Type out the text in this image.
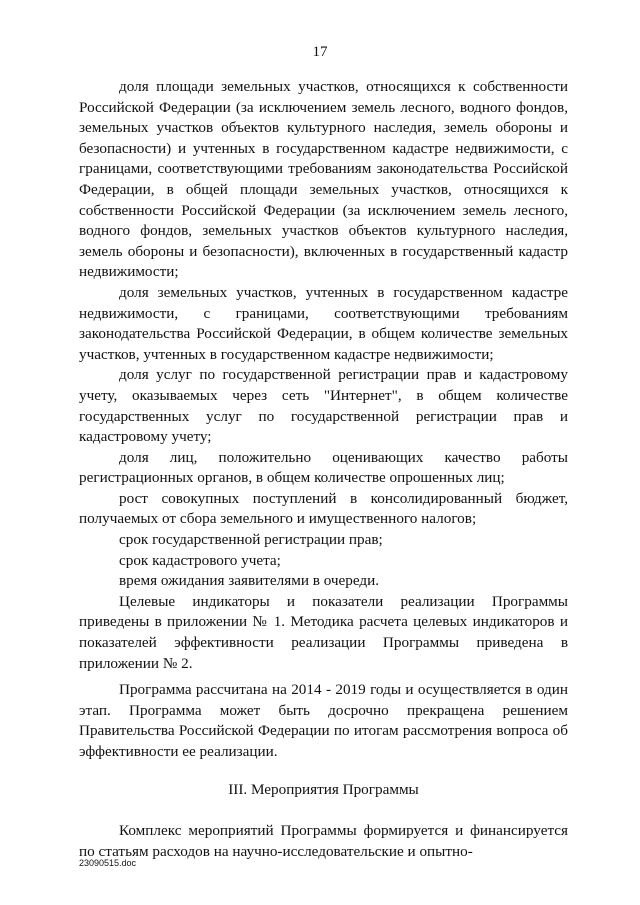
17

доля площади земельных участков, относящихся к собственности Российской Федерации (за исключением земель лесного, водного фондов, земельных участков объектов культурного наследия, земель обороны и безопасности) и учтенных в государственном кадастре недвижимости, с границами, соответствующими требованиям законодательства Российской Федерации, в общей площади земельных участков, относящихся к собственности Российской Федерации (за исключением земель лесного, водного фондов, земельных участков объектов культурного наследия, земель обороны и безопасности), включенных в государственный кадастр недвижимости;

доля земельных участков, учтенных в государственном кадастре недвижимости, с границами, соответствующими требованиям законодательства Российской Федерации, в общем количестве земельных участков, учтенных в государственном кадастре недвижимости;

доля услуг по государственной регистрации прав и кадастровому учету, оказываемых через сеть "Интернет", в общем количестве государственных услуг по государственной регистрации прав и кадастровому учету;

доля лиц, положительно оценивающих качество работы регистрационных органов, в общем количестве опрошенных лиц;

рост совокупных поступлений в консолидированный бюджет, получаемых от сбора земельного и имущественного налогов;

срок государственной регистрации прав;

срок кадастрового учета;

время ожидания заявителями в очереди.

Целевые индикаторы и показатели реализации Программы приведены в приложении № 1. Методика расчета целевых индикаторов и показателей эффективности реализации Программы приведена в приложении № 2.

Программа рассчитана на 2014 - 2019 годы и осуществляется в один этап. Программа может быть досрочно прекращена решением Правительства Российской Федерации по итогам рассмотрения вопроса об эффективности ее реализации.

III. Мероприятия Программы

Комплекс мероприятий Программы формируется и финансируется по статьям расходов на научно-исследовательские и опытно-

23090515.doc
